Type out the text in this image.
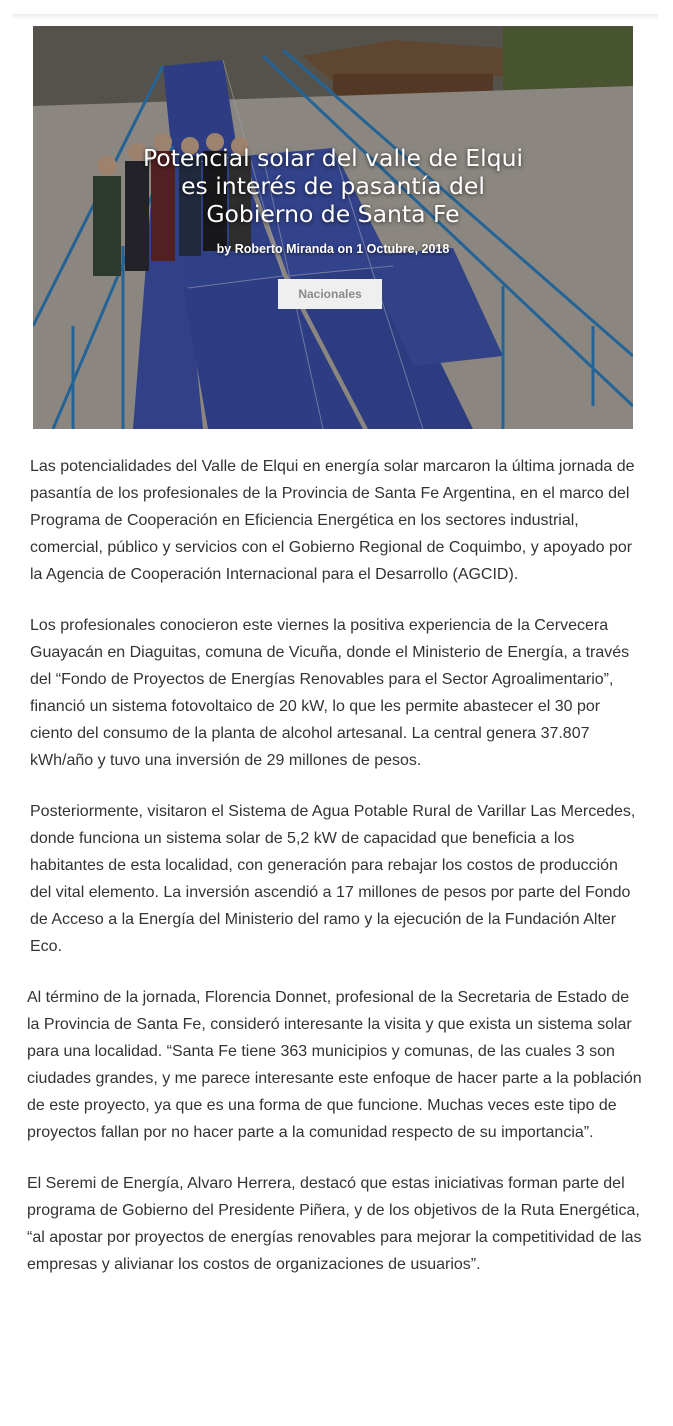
Potencial solar del valle de Elqui
es interés de pasantía del
Gobierno de Santa Fe
by Roberto Miranda on 1 Octubre, 2018
Nacionales

Las potencialidades del Valle de Elqui en energía solar marcaron la última jornada de pasantía de los profesionales de la Provincia de Santa Fe Argentina, en el marco del Programa de Cooperación en Eficiencia Energética en los sectores industrial, comercial, público y servicios con el Gobierno Regional de Coquimbo, y apoyado por la Agencia de Cooperación Internacional para el Desarrollo (AGCID).

Los profesionales conocieron este viernes la positiva experiencia de la Cervecera Guayacán en Diaguitas, comuna de Vicuña, donde el Ministerio de Energía, a través del “Fondo de Proyectos de Energías Renovables para el Sector Agroalimentario”, financió un sistema fotovoltaico de 20 kW, lo que les permite abastecer el 30 por ciento del consumo de la planta de alcohol artesanal. La central genera 37.807 kWh/año y tuvo una inversión de 29 millones de pesos.

Posteriormente, visitaron el Sistema de Agua Potable Rural de Varillar Las Mercedes, donde funciona un sistema solar de 5,2 kW de capacidad que beneficia a los habitantes de esta localidad, con generación para rebajar los costos de producción del vital elemento. La inversión ascendió a 17 millones de pesos por parte del Fondo de Acceso a la Energía del Ministerio del ramo y la ejecución de la Fundación Alter Eco.

Al término de la jornada, Florencia Donnet, profesional de la Secretaria de Estado de la Provincia de Santa Fe, consideró interesante la visita y que exista un sistema solar para una localidad. “Santa Fe tiene 363 municipios y comunas, de las cuales 3 son ciudades grandes, y me parece interesante este enfoque de hacer parte a la población de este proyecto, ya que es una forma de que funcione. Muchas veces este tipo de proyectos fallan por no hacer parte a la comunidad respecto de su importancia”.

El Seremi de Energía, Alvaro Herrera, destacó que estas iniciativas forman parte del programa de Gobierno del Presidente Piñera, y de los objetivos de la Ruta Energética, “al apostar por proyectos de energías renovables para mejorar la competitividad de las empresas y alivianar los costos de organizaciones de usuarios”.
